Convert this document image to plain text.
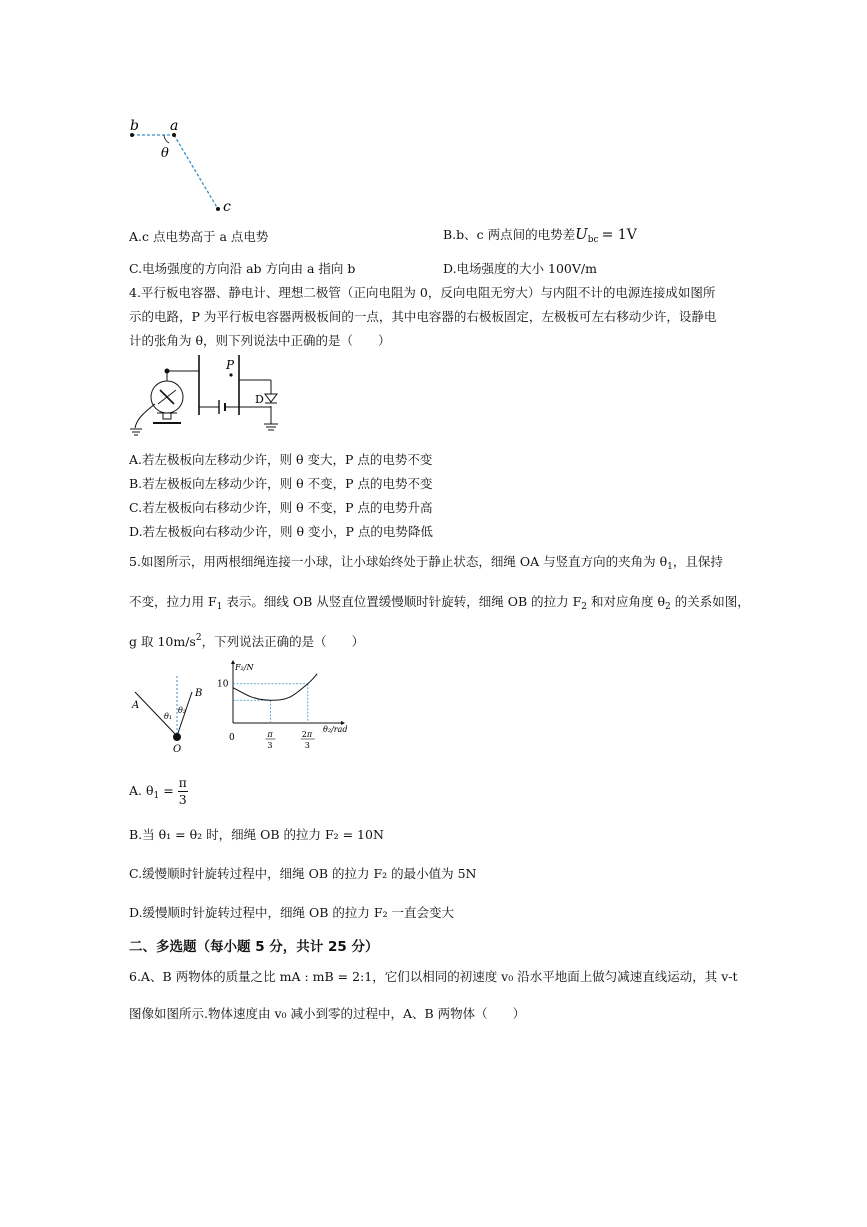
b a
θ
c
A.c 点电势高于 a 点电势	B.b、c 两点间的电势差$U_{bc} = 1V$
C.电场强度的方向沿 ab 方向由 a 指向 b	D.电场强度的大小 100V/m
4.平行板电容器、静电计、理想二极管（正向电阻为 0，反向电阻无穷大）与内阻不计的电源连接成如图所
示的电路，P 为平行板电容器两极板间的一点，其中电容器的右极板固定，左极板可左右移动少许，设静电
计的张角为 θ，则下列说法中正确的是（　　）
P
D
A.若左极板向左移动少许，则 θ 变大，P 点的电势不变
B.若左极板向左移动少许，则 θ 不变，P 点的电势不变
C.若左极板向右移动少许，则 θ 不变，P 点的电势升高
D.若左极板向右移动少许，则 θ 变小，P 点的电势降低
5.如图所示，用两根细绳连接一小球，让小球始终处于静止状态，细绳 OA 与竖直方向的夹角为 $\theta_1$，且保持
不变，拉力用 $F_1$ 表示。细线 OB 从竖直位置缓慢顺时针旋转，细绳 OB 的拉力 $F_2$ 和对应角度 $\theta_2$ 的关系如图，
g 取 $10m/s^2$，下列说法正确的是（　　）
A
B
O
θ₁
θ₂
F₂/N
θ₂/rad
10
0	π
3
2π
3
A. $\theta_1 = \frac{\pi}{3}$
B.当 θ₁ = θ₂ 时，细绳 OB 的拉力 F₂ = 10N
C.缓慢顺时针旋转过程中，细绳 OB 的拉力 F₂ 的最小值为 5N
D.缓慢顺时针旋转过程中，细绳 OB 的拉力 F₂ 一直会变大
二、多选题（每小题 5 分，共计 25 分）
6.A、B 两物体的质量之比 mA : mB = 2:1，它们以相同的初速度 v₀ 沿水平地面上做匀减速直线运动，其 v-t
图像如图所示.物体速度由 v₀ 减小到零的过程中，A、B 两物体（　　）
